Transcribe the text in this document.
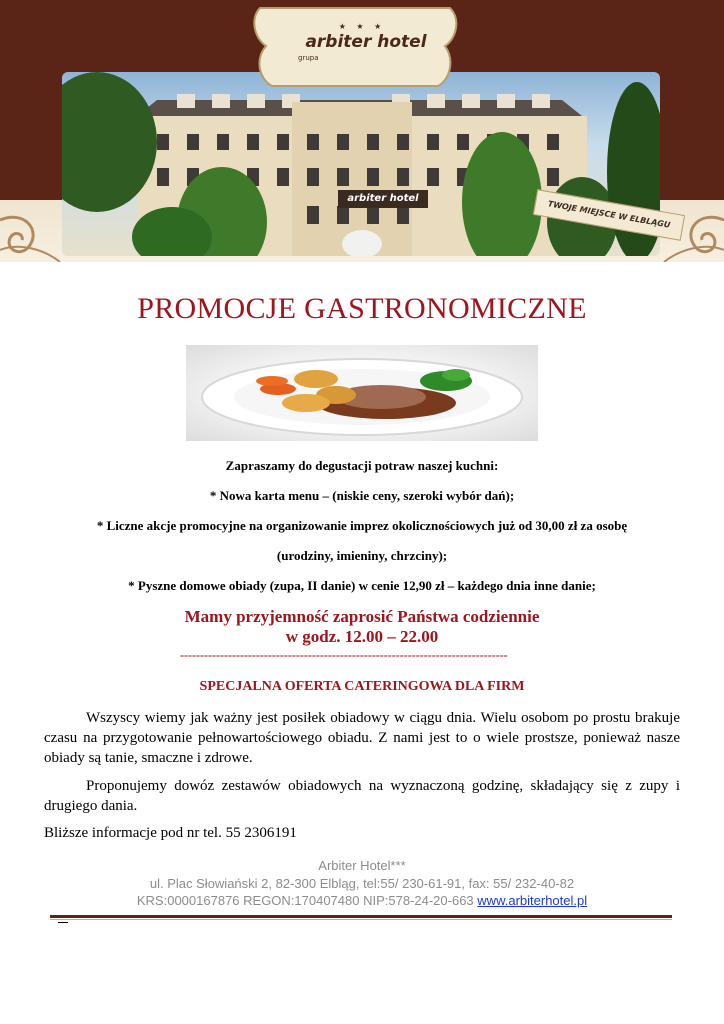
★ ★ ★
arbiter hotel
grupa
arbiter hotel
TWOJE MIEJSCE W ELBLĄGU
PROMOCJE GASTRONOMICZNE
Zapraszamy do degustacji potraw naszej kuchni:
* Nowa karta menu – (niskie ceny, szeroki wybór dań);
* Liczne akcje promocyjne na organizowanie imprez okolicznościowych już od 30,00 zł za osobę
(urodziny, imieniny, chrzciny);
* Pyszne domowe obiady (zupa, II danie) w cenie 12,90 zł – każdego dnia inne danie;
Mamy przyjemność zaprosić Państwa codziennie
w godz. 12.00 – 22.00
----------------------------------------------------------------------------------
SPECJALNA OFERTA CATERINGOWA DLA FIRM
Wszyscy wiemy jak ważny jest posiłek obiadowy w ciągu dnia. Wielu osobom po prostu brakuje czasu na przygotowanie pełnowartościowego obiadu. Z nami jest to o wiele prostsze, ponieważ nasze obiady są tanie, smaczne i zdrowe.
Proponujemy dowóz zestawów obiadowych na wyznaczoną godzinę, składający się z zupy i drugiego dania.
Bliższe informacje pod nr tel. 55 2306191
Arbiter Hotel***
ul. Plac Słowiański 2, 82-300 Elbląg, tel:55/ 230-61-91, fax: 55/ 232-40-82
KRS:0000167876 REGON:170407480 NIP:578-24-20-663 www.arbiterhotel.pl
